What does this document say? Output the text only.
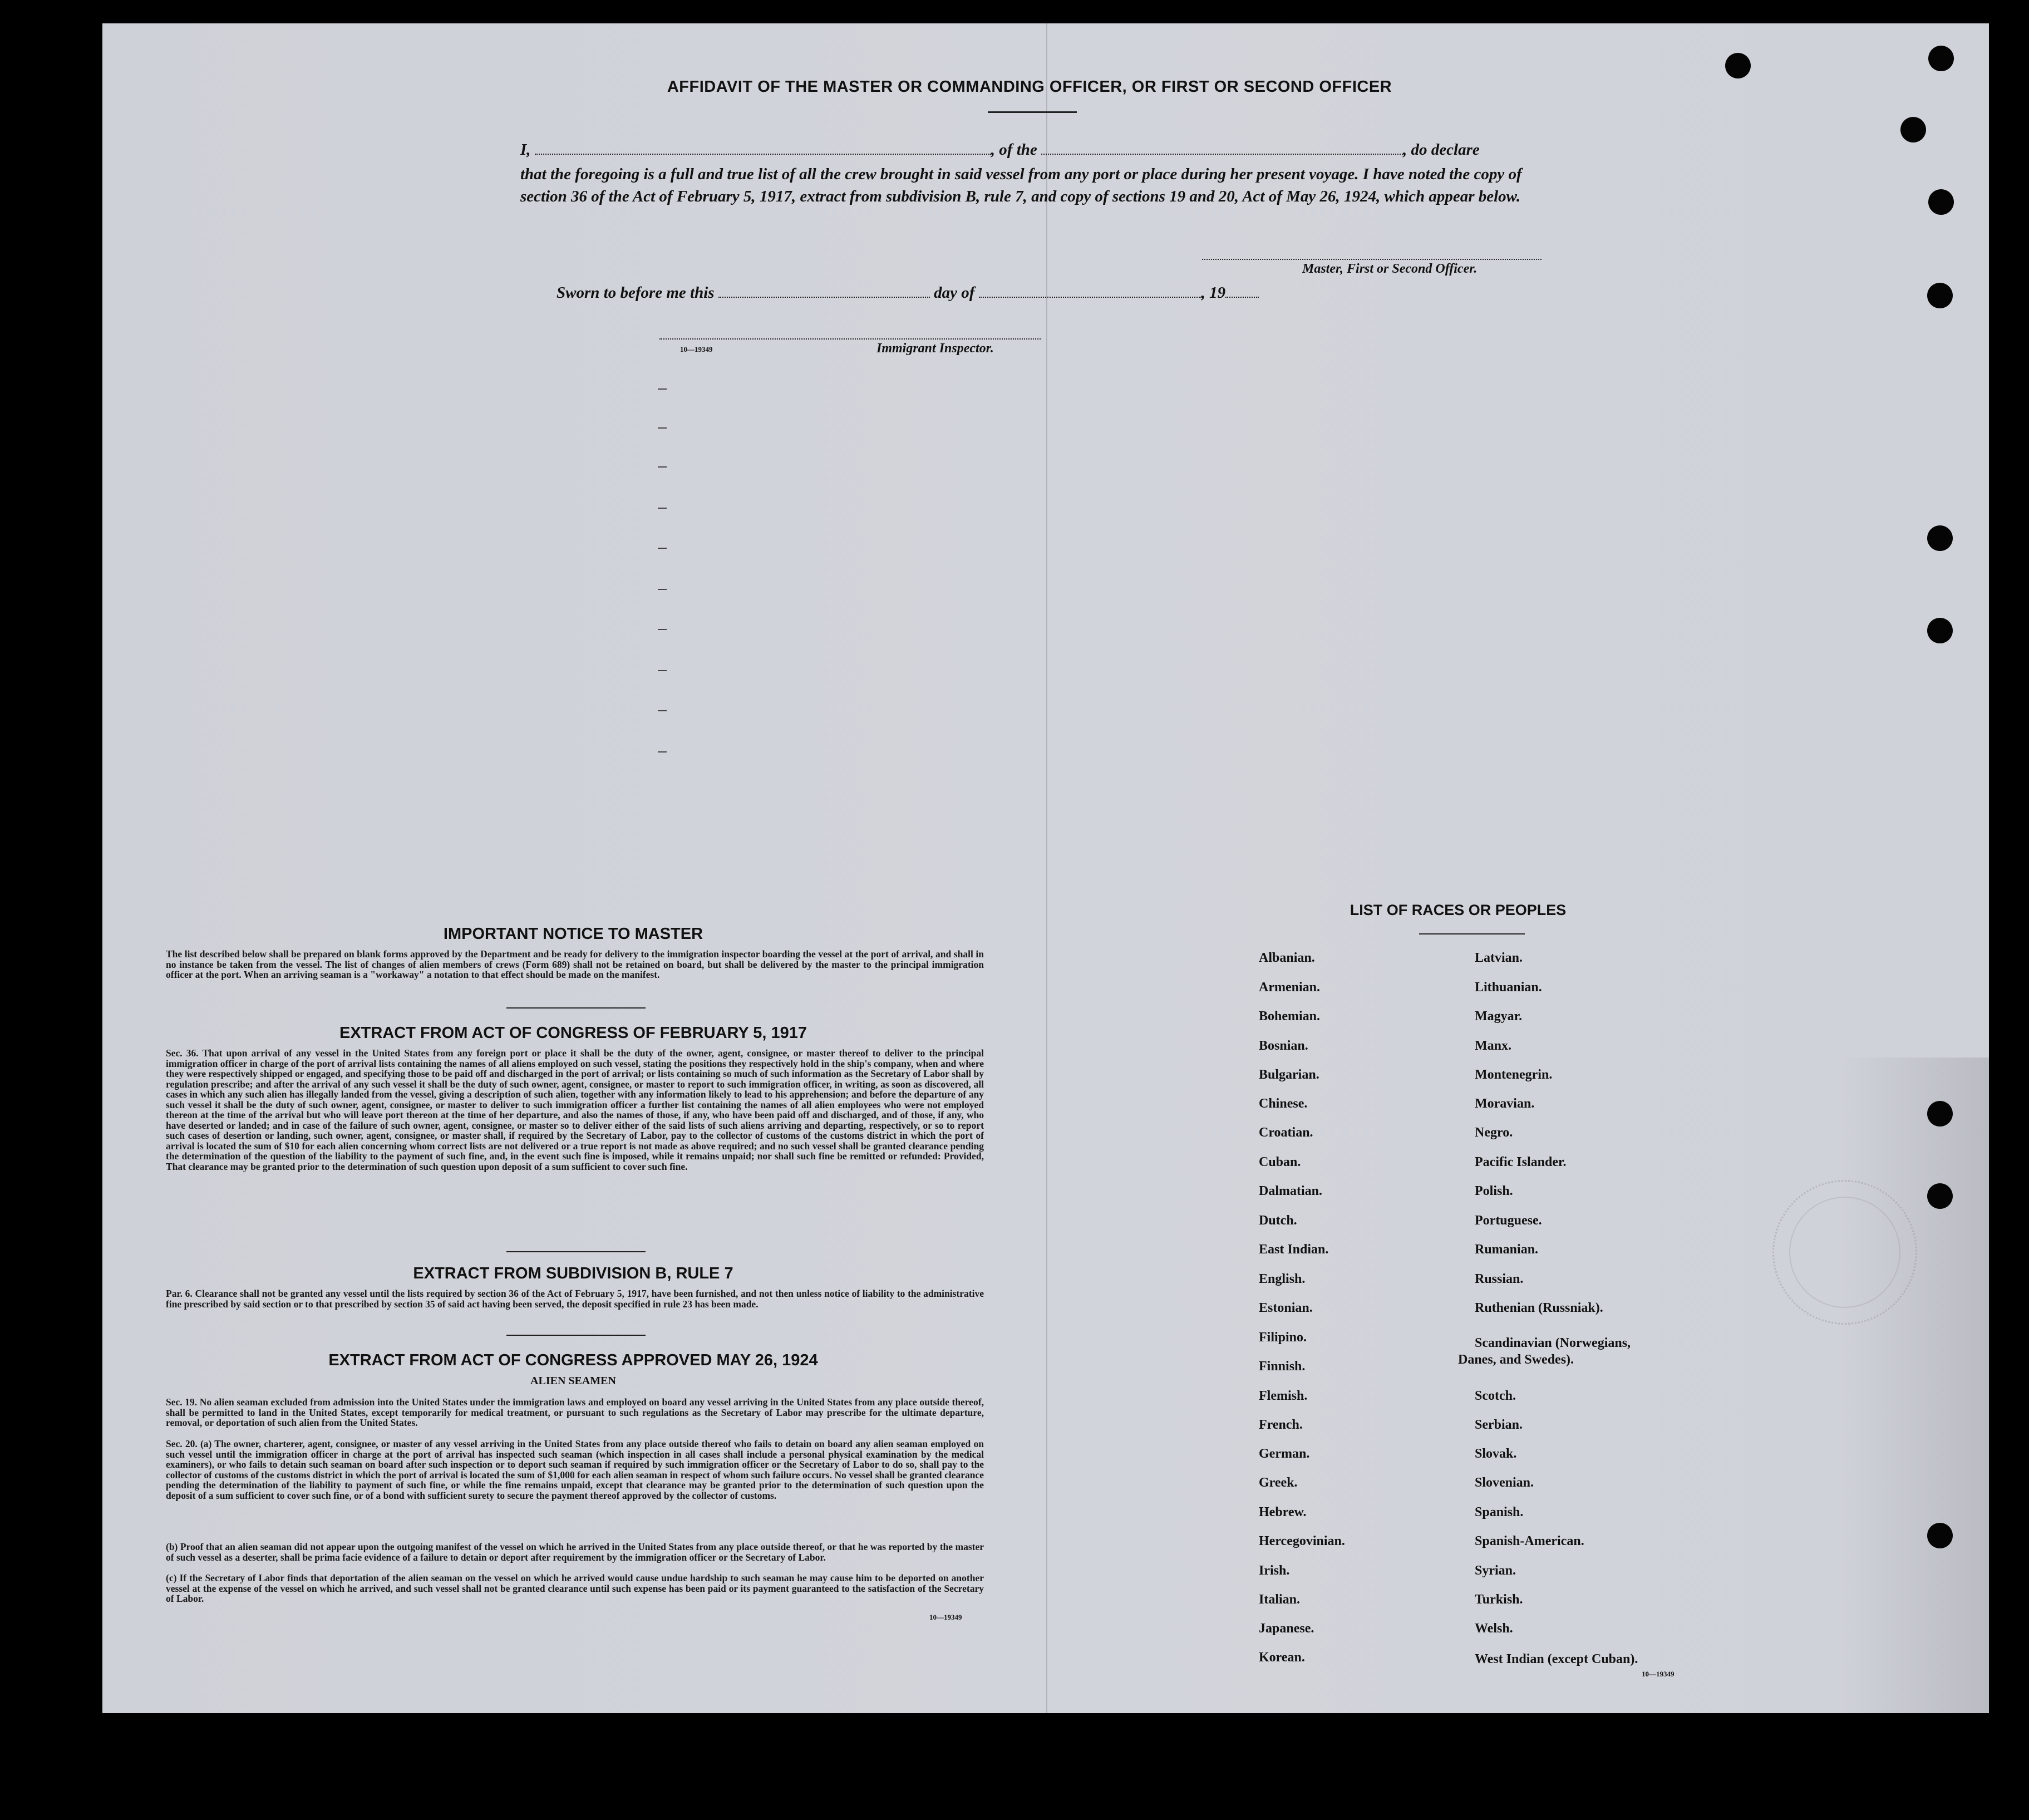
AFFIDAVIT OF THE MASTER OR COMMANDING OFFICER, OR FIRST OR SECOND OFFICER
I,	, of the	, do declare
that the foregoing is a full and true list of all the crew brought in said vessel from any port or place during her present voyage. I have noted the copy of section 36 of the Act of February 5, 1917, extract from subdivision B, rule 7, and copy of sections 19 and 20, Act of May 26, 1924, which appear below.
Master, First or Second Officer.
Sworn to before me this	day of	, 19
10—19349	Immigrant Inspector.
IMPORTANT NOTICE TO MASTER
The list described below shall be prepared on blank forms approved by the Department and be ready for delivery to the immigration inspector boarding the vessel at the port of arrival, and shall in no instance be taken from the vessel. The list of changes of alien members of crews (Form 689) shall not be retained on board, but shall be delivered by the master to the principal immigration officer at the port. When an arriving seaman is a "workaway" a notation to that effect should be made on the manifest.
EXTRACT FROM ACT OF CONGRESS OF FEBRUARY 5, 1917
Sec. 36. That upon arrival of any vessel in the United States from any foreign port or place it shall be the duty of the owner, agent, consignee, or master thereof to deliver to the principal immigration officer in charge of the port of arrival lists containing the names of all aliens employed on such vessel, stating the positions they respectively hold in the ship's company, when and where they were respectively shipped or engaged, and specifying those to be paid off and discharged in the port of arrival; or lists containing so much of such information as the Secretary of Labor shall by regulation prescribe; and after the arrival of any such vessel it shall be the duty of such owner, agent, consignee, or master to report to such immigration officer, in writing, as soon as discovered, all cases in which any such alien has illegally landed from the vessel, giving a description of such alien, together with any information likely to lead to his apprehension; and before the departure of any such vessel it shall be the duty of such owner, agent, consignee, or master to deliver to such immigration officer a further list containing the names of all alien employees who were not employed thereon at the time of the arrival but who will leave port thereon at the time of her departure, and also the names of those, if any, who have been paid off and discharged, and of those, if any, who have deserted or landed; and in case of the failure of such owner, agent, consignee, or master so to deliver either of the said lists of such aliens arriving and departing, respectively, or so to report such cases of desertion or landing, such owner, agent, consignee, or master shall, if required by the Secretary of Labor, pay to the collector of customs of the customs district in which the port of arrival is located the sum of $10 for each alien concerning whom correct lists are not delivered or a true report is not made as above required; and no such vessel shall be granted clearance pending the determination of the question of the liability to the payment of such fine, and, in the event such fine is imposed, while it remains unpaid; nor shall such fine be remitted or refunded: Provided, That clearance may be granted prior to the determination of such question upon deposit of a sum sufficient to cover such fine.
EXTRACT FROM SUBDIVISION B, RULE 7
Par. 6. Clearance shall not be granted any vessel until the lists required by section 36 of the Act of February 5, 1917, have been furnished, and not then unless notice of liability to the administrative fine prescribed by said section or to that prescribed by section 35 of said act having been served, the deposit specified in rule 23 has been made.
EXTRACT FROM ACT OF CONGRESS APPROVED MAY 26, 1924
ALIEN SEAMEN
Sec. 19. No alien seaman excluded from admission into the United States under the immigration laws and employed on board any vessel arriving in the United States from any place outside thereof, shall be permitted to land in the United States, except temporarily for medical treatment, or pursuant to such regulations as the Secretary of Labor may prescribe for the ultimate departure, removal, or deportation of such alien from the United States.
Sec. 20. (a) The owner, charterer, agent, consignee, or master of any vessel arriving in the United States from any place outside thereof who fails to detain on board any alien seaman employed on such vessel until the immigration officer in charge at the port of arrival has inspected such seaman (which inspection in all cases shall include a personal physical examination by the medical examiners), or who fails to detain such seaman on board after such inspection or to deport such seaman if required by such immigration officer or the Secretary of Labor to do so, shall pay to the collector of customs of the customs district in which the port of arrival is located the sum of $1,000 for each alien seaman in respect of whom such failure occurs. No vessel shall be granted clearance pending the determination of the liability to payment of such fine, or while the fine remains unpaid, except that clearance may be granted prior to the determination of such question upon the deposit of a sum sufficient to cover such fine, or of a bond with sufficient surety to secure the payment thereof approved by the collector of customs.
(b) Proof that an alien seaman did not appear upon the outgoing manifest of the vessel on which he arrived in the United States from any place outside thereof, or that he was reported by the master of such vessel as a deserter, shall be prima facie evidence of a failure to detain or deport after requirement by the immigration officer or the Secretary of Labor.
(c) If the Secretary of Labor finds that deportation of the alien seaman on the vessel on which he arrived would cause undue hardship to such seaman he may cause him to be deported on another vessel at the expense of the vessel on which he arrived, and such vessel shall not be granted clearance until such expense has been paid or its payment guaranteed to the satisfaction of the Secretary of Labor.
10—19349
LIST OF RACES OR PEOPLES
Albanian.
Armenian.
Bohemian.
Bosnian.
Bulgarian.
Chinese.
Croatian.
Cuban.
Dalmatian.
Dutch.
East Indian.
English.
Estonian.
Filipino.
Finnish.
Flemish.
French.
German.
Greek.
Hebrew.
Hercegovinian.
Irish.
Italian.
Japanese.
Korean.
Latvian.
Lithuanian.
Magyar.
Manx.
Montenegrin.
Moravian.
Negro.
Pacific Islander.
Polish.
Portuguese.
Rumanian.
Russian.
Ruthenian (Russniak).
Scandinavian (Norwegians,
Danes, and Swedes).
Scotch.
Serbian.
Slovak.
Slovenian.
Spanish.
Spanish-American.
Syrian.
Turkish.
Welsh.
West Indian (except Cuban).
10—19349
